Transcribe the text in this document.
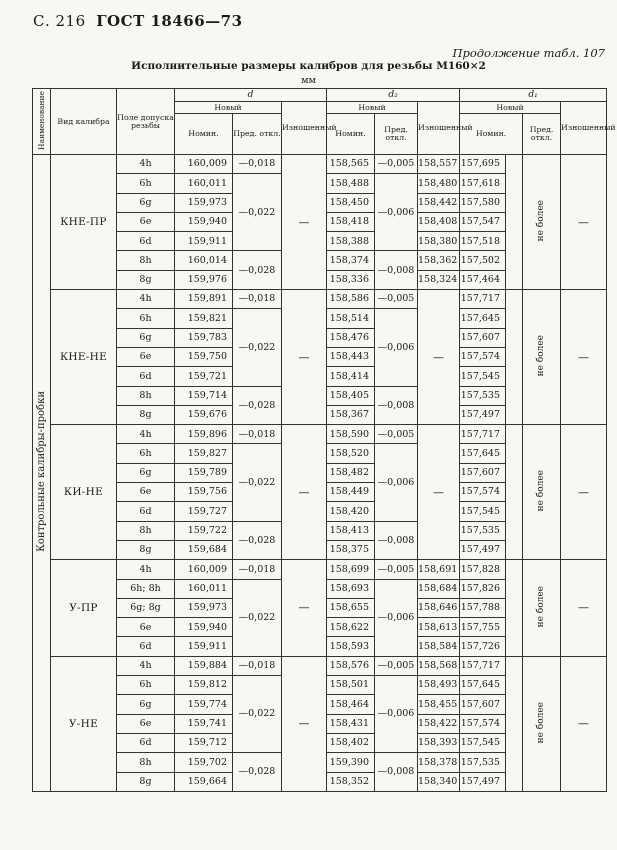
С. 216 ГОСТ 18466—73
Продолжение табл. 107
Исполнительные размеры калибров для резьбы М160×2
мм
Наименование	Вид калибра	Поле допуска резьбы	d			d₂			d₁			
			Новый		Изношенный	Новый		Изношенный	Новый			Изношенный
			Номин.	Пред. откл.		Номин.	Пред. откл.		Номин.		Пред. откл.	
Контрольные калибры-пробки	КНЕ-ПР	4h	160,009	—0,018	—	158,565	—0,005	158,557	157,695		не более	—
		6h	160,011	—0,022		158,488	—0,006	158,480	157,618			
		6g	159,973			158,450		158,442	157,580			
		6e	159,940			158,418		158,408	157,547			
		6d	159,911			158,388		158,380	157,518			
		8h	160,014	—0,028		158,374	—0,008	158,362	157,502			
		8g	159,976			158,336		158,324	157,464			
	КНЕ-НЕ	4h	159,891	—0,018	—	158,586	—0,005	—	157,717		не более	—
		6h	159,821	—0,022		158,514	—0,006		157,645			
		6g	159,783			158,476			157,607			
		6e	159,750			158,443			157,574			
		6d	159,721			158,414			157,545			
		8h	159,714	—0,028		158,405	—0,008		157,535			
		8g	159,676			158,367			157,497			
	КИ-НЕ	4h	159,896	—0,018	—	158,590	—0,005	—	157,717		не более	—
		6h	159,827	—0,022		158,520	—0,006		157,645			
		6g	159,789			158,482			157,607			
		6e	159,756			158,449			157,574			
		6d	159,727			158,420			157,545			
		8h	159,722	—0,028		158,413	—0,008		157,535			
		8g	159,684			158,375			157,497			
	У-ПР	4h	160,009	—0,018	—	158,699	—0,005	158,691	157,828		не более	—
		6h; 8h	160,011	—0,022		158,693	—0,006	158,684	157,826			
		6g; 8g	159,973			158,655		158,646	157,788			
		6e	159,940			158,622		158,613	157,755			
		6d	159,911			158,593		158,584	157,726			
	У-НЕ	4h	159,884	—0,018	—	158,576	—0,005	158,568	157,717		не более	—
		6h	159,812	—0,022		158,501	—0,006	158,493	157,645			
		6g	159,774			158,464		158,455	157,607			
		6e	159,741			158,431		158,422	157,574			
		6d	159,712			158,402		158,393	157,545			
		8h	159,702	—0,028		159,390	—0,008	158,378	157,535			
		8g	159,664			158,352		158,340	157,497			
